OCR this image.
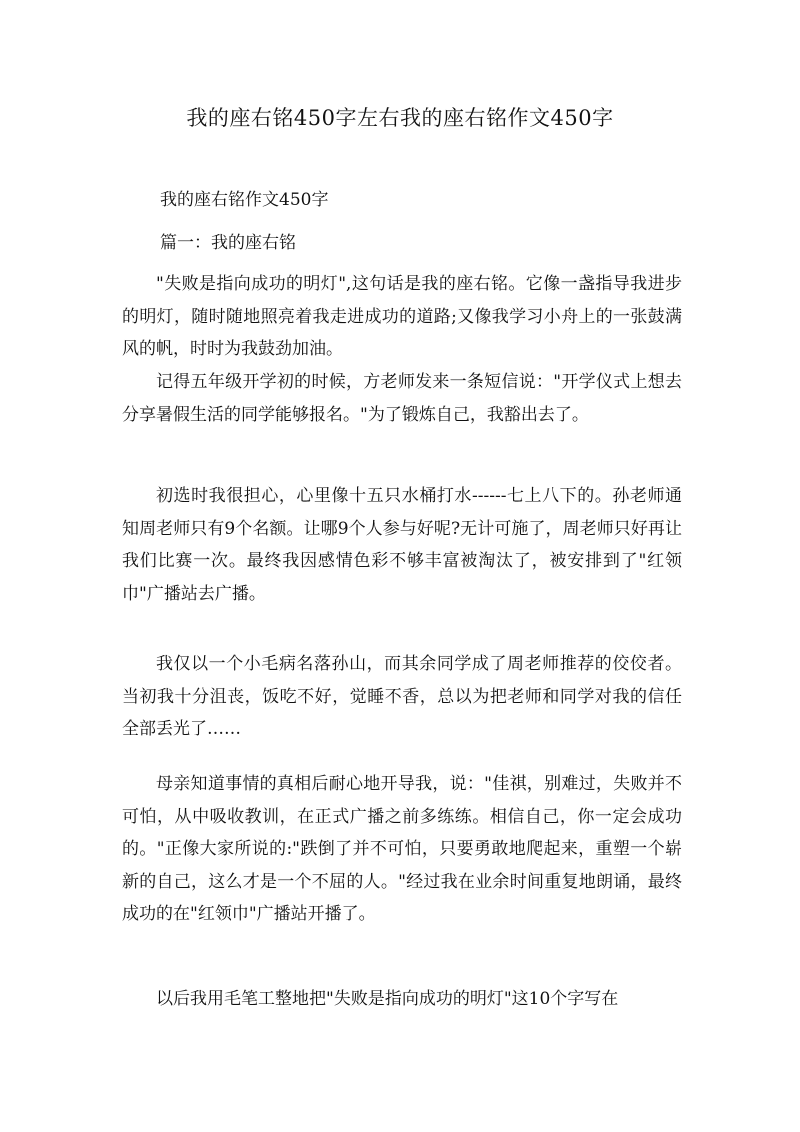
我的座右铭450字左右我的座右铭作文450字
我的座右铭作文450字
篇一：我的座右铭

"失败是指向成功的明灯",这句话是我的座右铭。它像一盏指导我进步的明灯，随时随地照亮着我走进成功的道路;又像我学习小舟上的一张鼓满风的帆，时时为我鼓劲加油。

记得五年级开学初的时候，方老师发来一条短信说："开学仪式上想去分享暑假生活的同学能够报名。"为了锻炼自己，我豁出去了。

初选时我很担心，心里像十五只水桶打水------七上八下的。孙老师通知周老师只有9个名额。让哪9个人参与好呢?无计可施了，周老师只好再让我们比赛一次。最终我因感情色彩不够丰富被淘汰了，被安排到了"红领巾"广播站去广播。

我仅以一个小毛病名落孙山，而其余同学成了周老师推荐的佼佼者。当初我十分沮丧，饭吃不好，觉睡不香，总以为把老师和同学对我的信任全部丢光了……

母亲知道事情的真相后耐心地开导我，说："佳祺，别难过，失败并不可怕，从中吸收教训，在正式广播之前多练练。相信自己，你一定会成功的。"正像大家所说的:"跌倒了并不可怕，只要勇敢地爬起来，重塑一个崭新的自己，这么才是一个不屈的人。"经过我在业余时间重复地朗诵，最终成功的在"红领巾"广播站开播了。

以后我用毛笔工整地把"失败是指向成功的明灯"这10个字写在
